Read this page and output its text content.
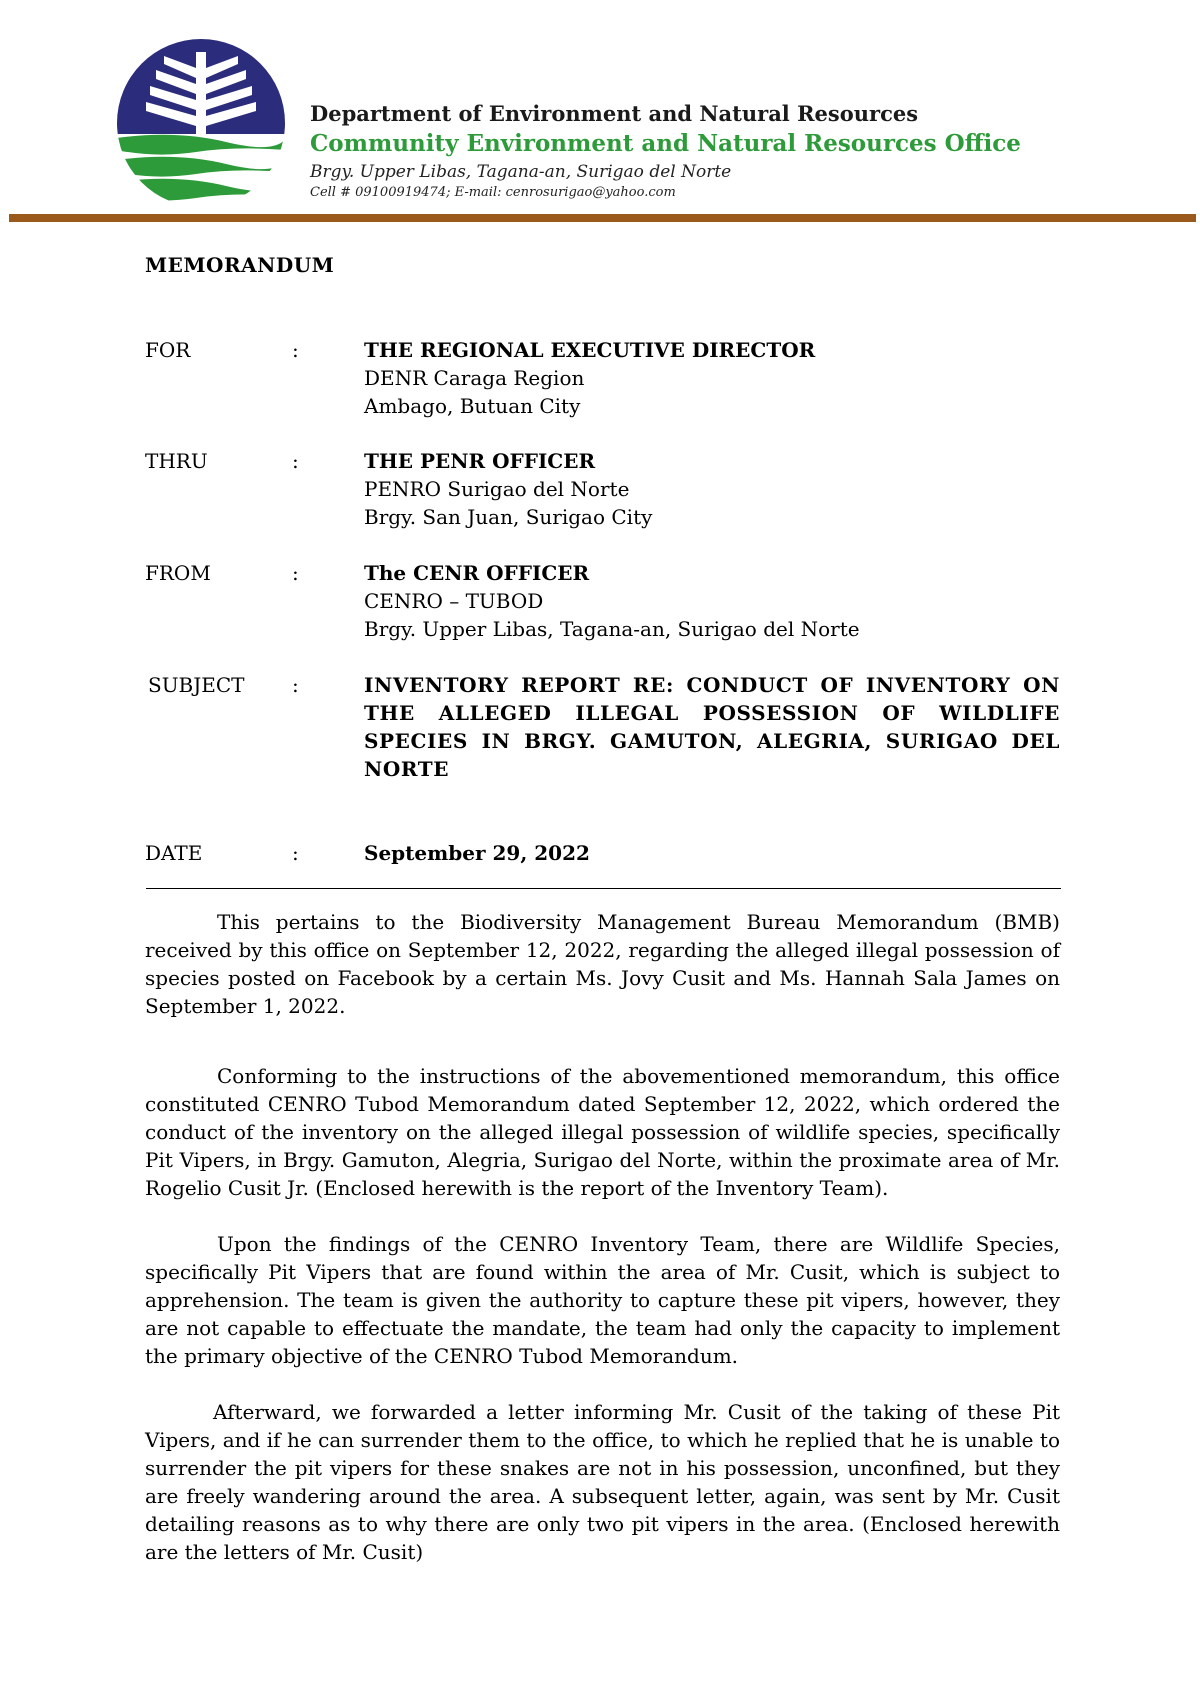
Department of Environment and Natural Resources
Community Environment and Natural Resources Office
Brgy. Upper Libas, Tagana-an, Surigao del Norte
Cell # 09100919474; E-mail: cenrosurigao@yahoo.com
MEMORANDUM
FOR	:	THE REGIONAL EXECUTIVE DIRECTOR
DENR Caraga Region
Ambago, Butuan City
THRU	:	THE PENR OFFICER
PENRO Surigao del Norte
Brgy. San Juan, Surigao City
FROM	:	The CENR OFFICER
CENRO – TUBOD
Brgy. Upper Libas, Tagana-an, Surigao del Norte
SUBJECT :	INVENTORY REPORT RE: CONDUCT OF INVENTORY ON THE ALLEGED ILLEGAL POSSESSION OF WILDLIFE SPECIES IN BRGY. GAMUTON, ALEGRIA, SURIGAO DEL NORTE
DATE	:	September 29, 2022

This pertains to the Biodiversity Management Bureau Memorandum (BMB) received by this office on September 12, 2022, regarding the alleged illegal possession of species posted on Facebook by a certain Ms. Jovy Cusit and Ms. Hannah Sala James on September 1, 2022.

Conforming to the instructions of the abovementioned memorandum, this office constituted CENRO Tubod Memorandum dated September 12, 2022, which ordered the conduct of the inventory on the alleged illegal possession of wildlife species, specifically Pit Vipers, in Brgy. Gamuton, Alegria, Surigao del Norte, within the proximate area of Mr. Rogelio Cusit Jr. (Enclosed herewith is the report of the Inventory Team).

Upon the findings of the CENRO Inventory Team, there are Wildlife Species, specifically Pit Vipers that are found within the area of Mr. Cusit, which is subject to apprehension. The team is given the authority to capture these pit vipers, however, they are not capable to effectuate the mandate, the team had only the capacity to implement the primary objective of the CENRO Tubod Memorandum.

Afterward, we forwarded a letter informing Mr. Cusit of the taking of these Pit Vipers, and if he can surrender them to the office, to which he replied that he is unable to surrender the pit vipers for these snakes are not in his possession, unconfined, but they are freely wandering around the area. A subsequent letter, again, was sent by Mr. Cusit detailing reasons as to why there are only two pit vipers in the area. (Enclosed herewith are the letters of Mr. Cusit)
